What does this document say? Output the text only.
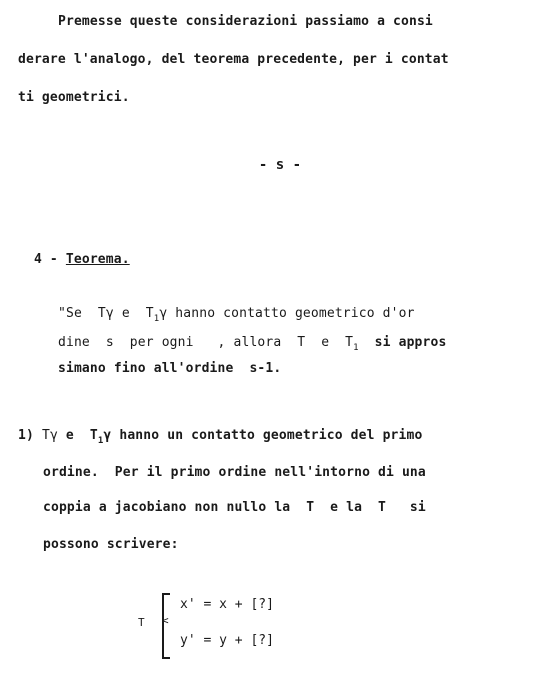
Premesse queste considerazioni passiamo a consi
derare l'analogo, del teorema precedente, per i contat
ti geometrici.
- s -

4 - Teorema.

"Se  Tγ e  $T_1\gamma$ hanno contatto geometrico d'or
dine  s  per ogni   , allora  T  e  $T_1$  si appros
simano fino all'ordine  s-1.
1) Tγ e  $T_1\gamma$ hanno un contatto geometrico del primo
ordine.  Per il primo ordine nell'intorno di una
coppia a jacobiano non nullo la  T  e la  T   si
possono scrivere:
T <
x' = x + [?]
y' = y + [?]
